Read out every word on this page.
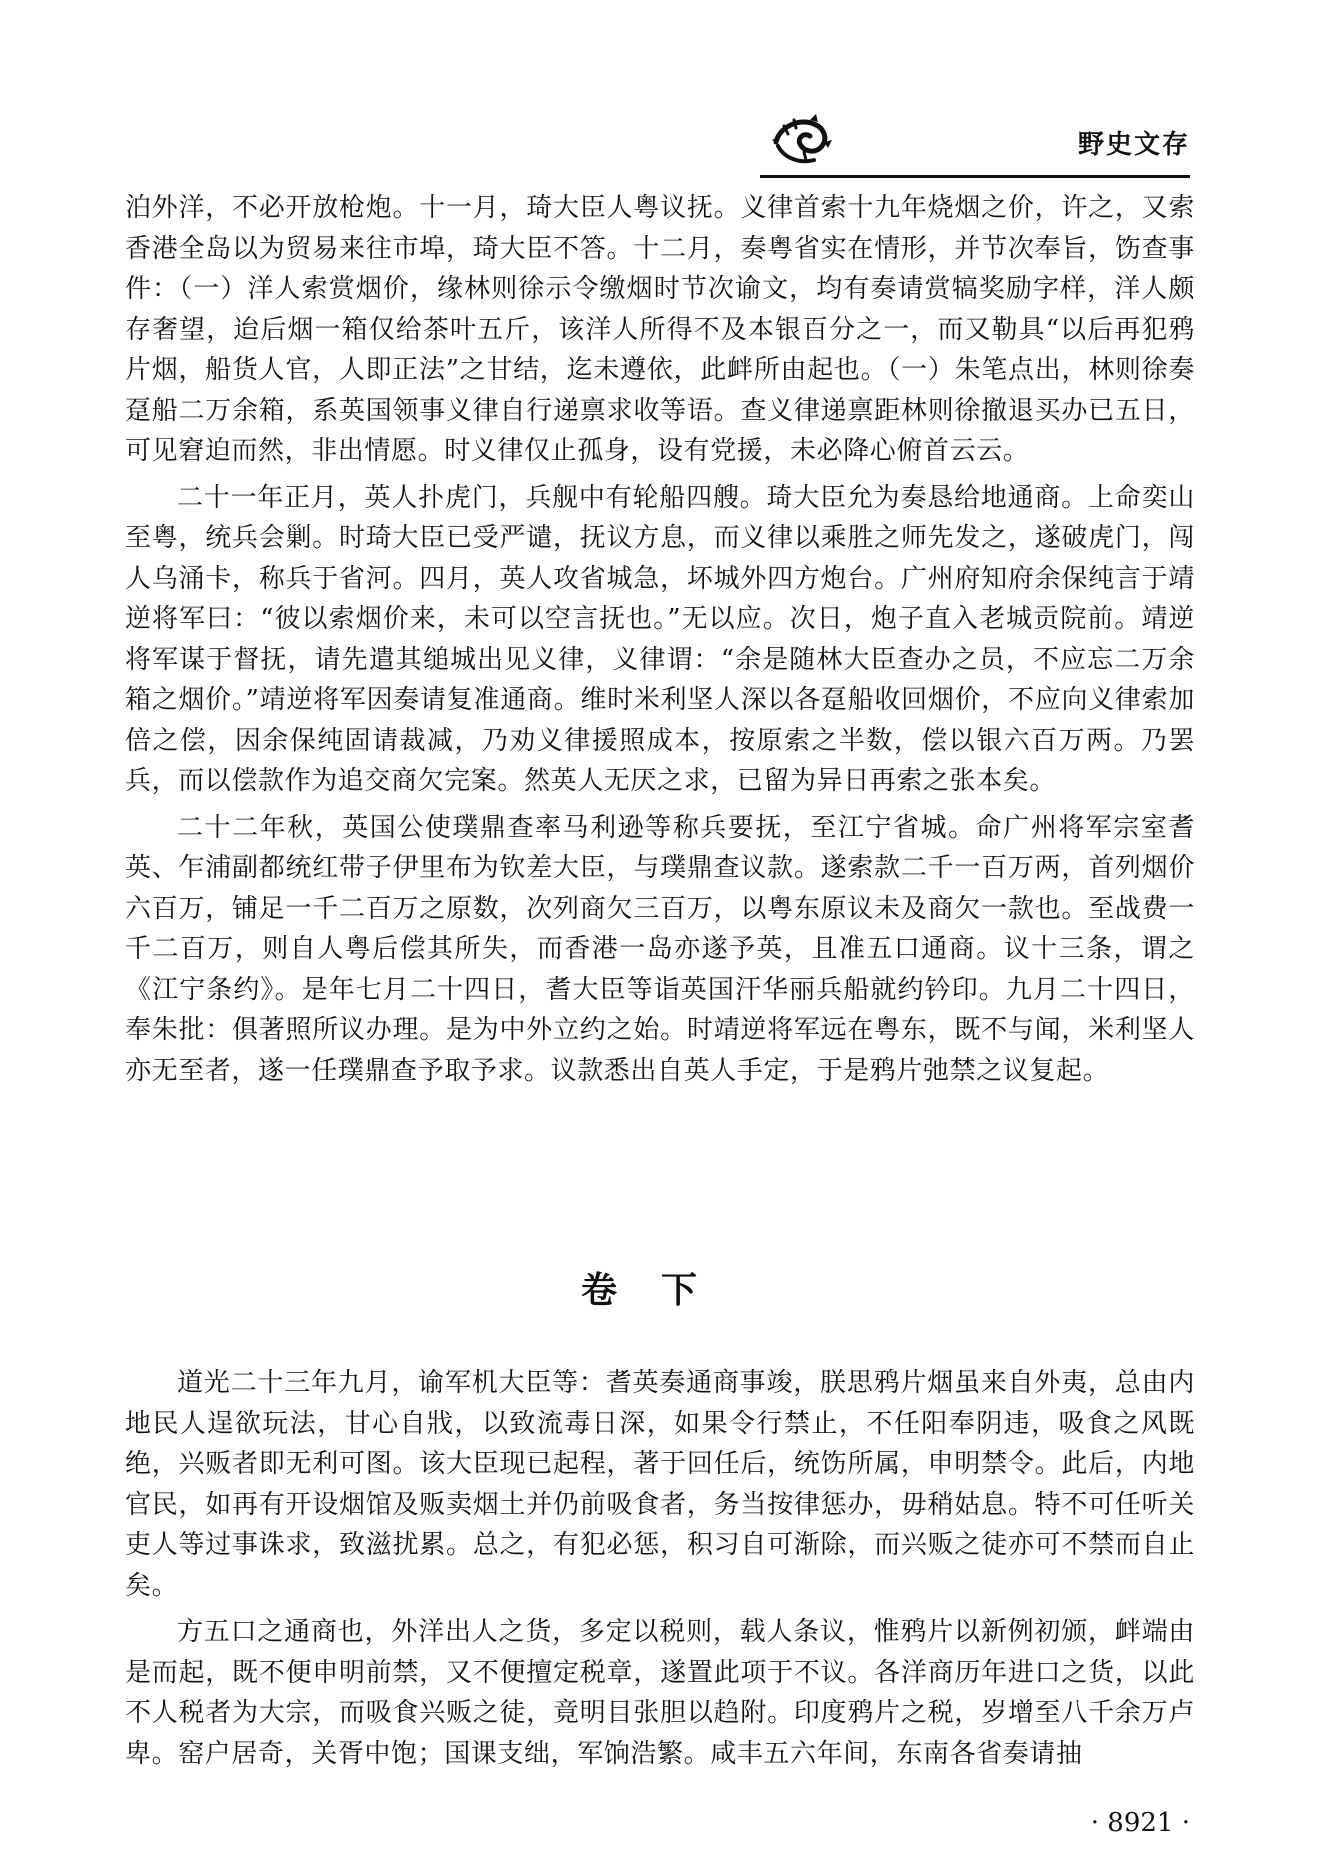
野史文存

泊外洋，不必开放枪炮。十一月，琦大臣人粤议抚。义律首索十九年烧烟之价，许之，又索香港全岛以为贸易来往市埠，琦大臣不答。十二月，奏粤省实在情形，并节次奉旨，饬查事件：（一）洋人索赏烟价，缘林则徐示令缴烟时节次谕文，均有奏请赏犒奖励字样，洋人颇存奢望，迨后烟一箱仅给茶叶五斤，该洋人所得不及本银百分之一，而又勒具“以后再犯鸦片烟，船货人官，人即正法”之甘结，迄未遵依，此衅所由起也。（一）朱笔点出，林则徐奏趸船二万余箱，系英国领事义律自行递禀求收等语。查义律递禀距林则徐撤退买办已五日，可见窘迫而然，非出情愿。时义律仅止孤身，设有党援，未必降心俯首云云。

二十一年正月，英人扑虎门，兵舰中有轮船四艘。琦大臣允为奏恳给地通商。上命奕山至粤，统兵会剿。时琦大臣已受严谴，抚议方息，而义律以乘胜之师先发之，遂破虎门，闯人乌涌卡，称兵于省河。四月，英人攻省城急，坏城外四方炮台。广州府知府余保纯言于靖逆将军曰：“彼以索烟价来，未可以空言抚也。”无以应。次日，炮子直入老城贡院前。靖逆将军谋于督抚，请先遣其缒城出见义律，义律谓：“余是随林大臣查办之员，不应忘二万余箱之烟价。”靖逆将军因奏请复准通商。维时米利坚人深以各趸船收回烟价，不应向义律索加倍之偿，因余保纯固请裁减，乃劝义律援照成本，按原索之半数，偿以银六百万两。乃罢兵，而以偿款作为追交商欠完案。然英人无厌之求，已留为异日再索之张本矣。

二十二年秋，英国公使璞鼎查率马利逊等称兵要抚，至江宁省城。命广州将军宗室耆英、乍浦副都统红带子伊里布为钦差大臣，与璞鼎查议款。遂索款二千一百万两，首列烟价六百万，铺足一千二百万之原数，次列商欠三百万，以粤东原议未及商欠一款也。至战费一千二百万，则自人粤后偿其所失，而香港一岛亦遂予英，且准五口通商。议十三条，谓之《江宁条约》。是年七月二十四日，耆大臣等诣英国汗华丽兵船就约钤印。九月二十四日，奉朱批：俱著照所议办理。是为中外立约之始。时靖逆将军远在粤东，既不与闻，米利坚人亦无至者，遂一任璞鼎查予取予求。议款悉出自英人手定，于是鸦片弛禁之议复起。

卷下

道光二十三年九月，谕军机大臣等：耆英奏通商事竣，朕思鸦片烟虽来自外夷，总由内地民人逞欲玩法，甘心自戕，以致流毒日深，如果令行禁止，不任阳奉阴违，吸食之风既绝，兴贩者即无利可图。该大臣现已起程，著于回任后，统饬所属，申明禁令。此后，内地官民，如再有开设烟馆及贩卖烟土并仍前吸食者，务当按律惩办，毋稍姑息。特不可任听关吏人等过事诛求，致滋扰累。总之，有犯必惩，积习自可渐除，而兴贩之徒亦可不禁而自止矣。

方五口之通商也，外洋出人之货，多定以税则，载人条议，惟鸦片以新例初颁，衅端由是而起，既不便申明前禁，又不便擅定税章，遂置此项于不议。各洋商历年进口之货，以此不人税者为大宗，而吸食兴贩之徒，竟明目张胆以趋附。印度鸦片之税，岁增至八千余万卢卑。窑户居奇，关胥中饱；国课支绌，军饷浩繁。咸丰五六年间，东南各省奏请抽

· 8921 ·
